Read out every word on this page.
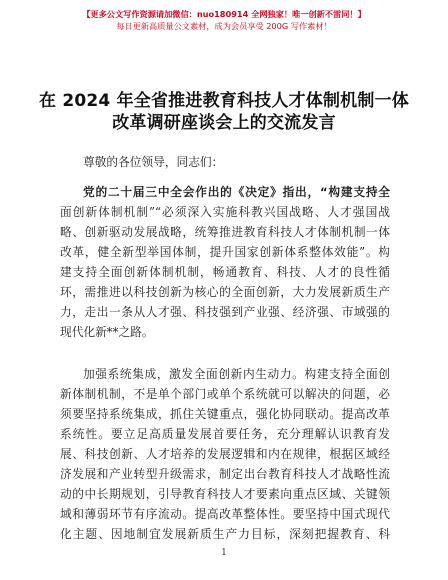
【更多公文写作资源请加微信：nuo180914 全网独家！唯一创新不雷同！】
每日更新高质量公文素材，成为会员享受 200G 写作素材！
在 2024 年全省推进教育科技人才体制机制一体
改革调研座谈会上的交流发言
尊敬的各位领导，同志们：
党的二十届三中全会作出的《决定》指出，“构建支持全
面创新体制机制”“必须深入实施科教兴国战略、人才强国战
略、创新驱动发展战略，统筹推进教育科技人才体制机制一体
改革，健全新型举国体制，提升国家创新体系整体效能”。构
建支持全面创新体制机制，畅通教育、科技、人才的良性循
环，需推进以科技创新为核心的全面创新，大力发展新质生产
力，走出一条从人才强、科技强到产业强、经济强、市域强的
现代化新**之路。
加强系统集成，激发全面创新内生动力。构建支持全面创
新体制机制，不是单个部门或单个系统就可以解决的问题，必
须要坚持系统集成，抓住关键重点，强化协同联动。提高改革
系统性。要立足高质量发展首要任务，充分理解认识教育发
展、科技创新、人才培养的发展逻辑和内在规律，根据区域经
济发展和产业转型升级需求，制定出台教育科技人才战略性流
动的中长期规划，引导教育科技人才要素向重点区域、关键领
域和薄弱环节有序流动。提高改革整体性。要坚持中国式现代
化主题、因地制宜发展新质生产力目标，深刻把握教育、科
1
